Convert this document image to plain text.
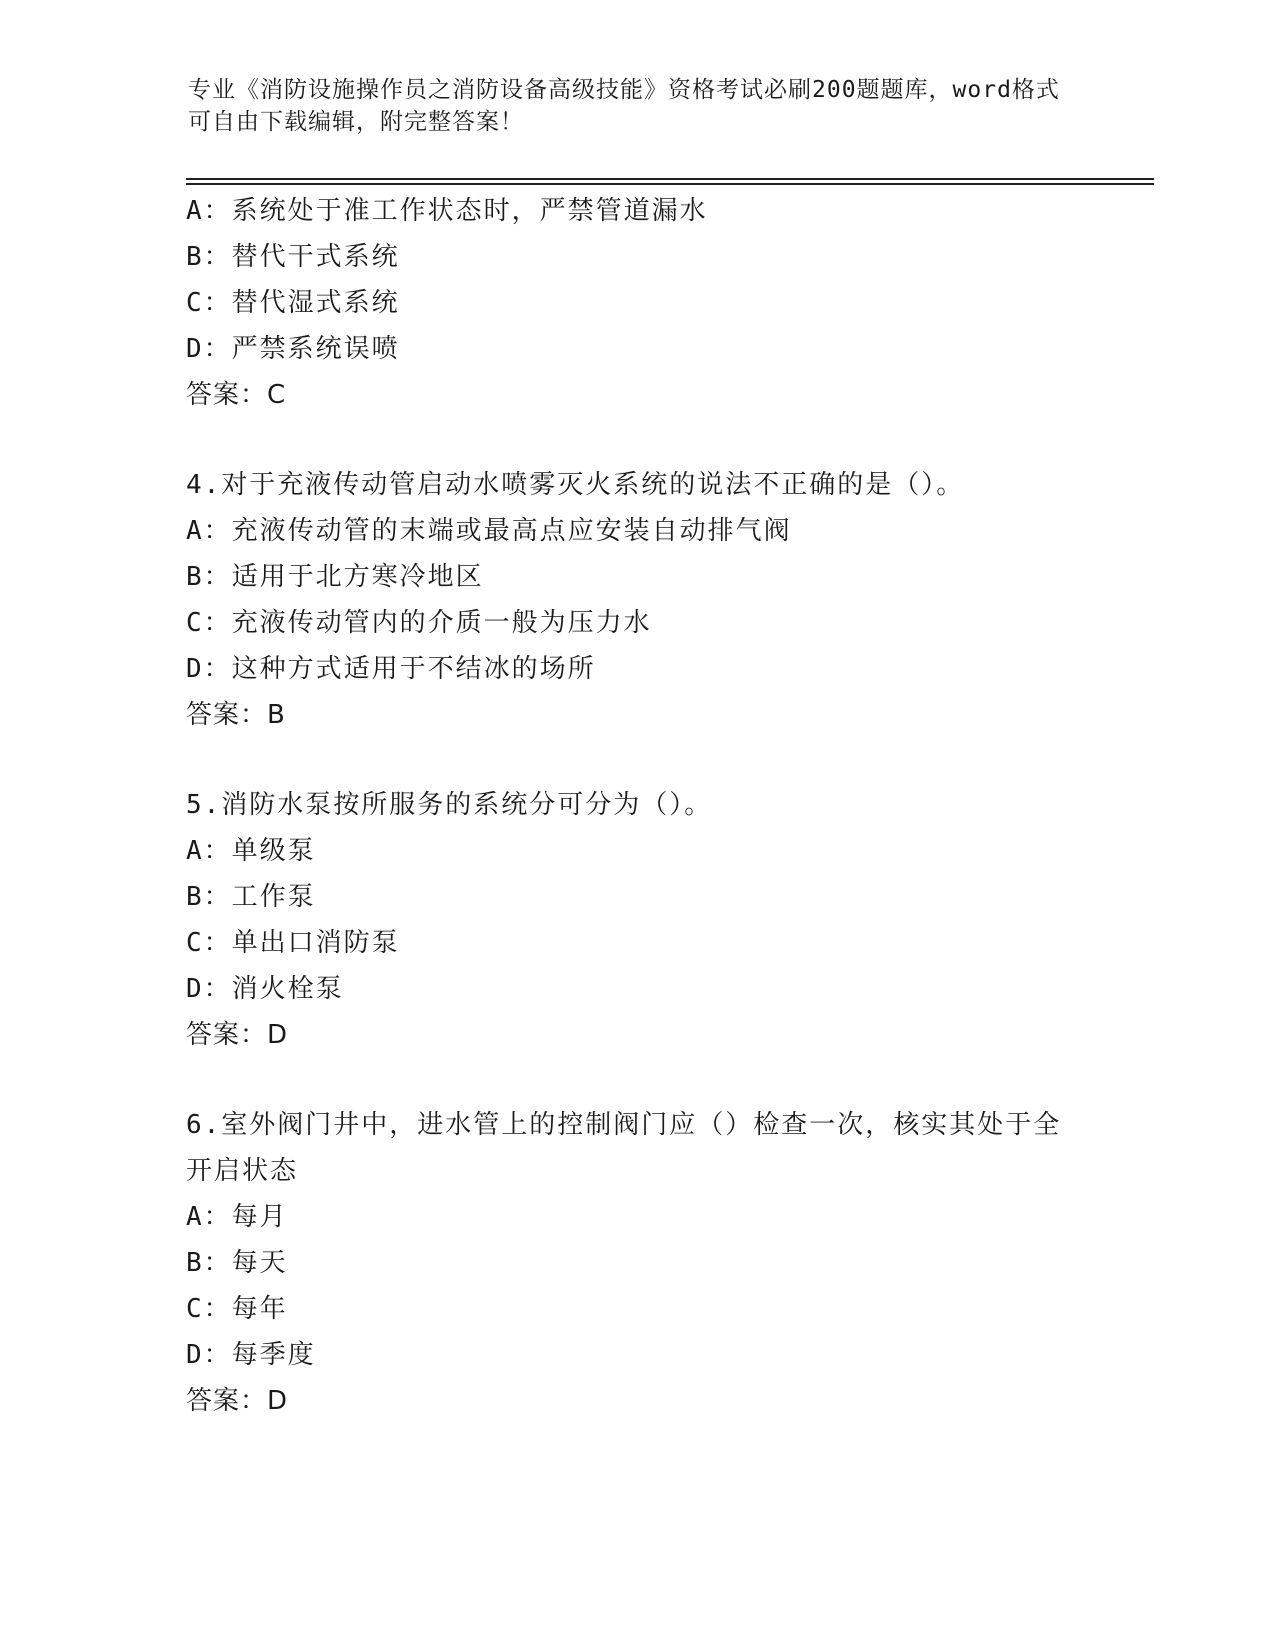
专业《消防设施操作员之消防设备高级技能》资格考试必刷200题题库，word格式可自由下载编辑，附完整答案！
A：系统处于准工作状态时，严禁管道漏水
B：替代干式系统
C：替代湿式系统
D：严禁系统误喷
答案：C
4.对于充液传动管启动水喷雾灭火系统的说法不正确的是（）。
A：充液传动管的末端或最高点应安装自动排气阀
B：适用于北方寒冷地区
C：充液传动管内的介质一般为压力水
D：这种方式适用于不结冰的场所
答案：B
5.消防水泵按所服务的系统分可分为（）。
A：单级泵
B：工作泵
C：单出口消防泵
D：消火栓泵
答案：D
6.室外阀门井中，进水管上的控制阀门应（）检查一次，核实其处于全开启状态
A：每月
B：每天
C：每年
D：每季度
答案：D
